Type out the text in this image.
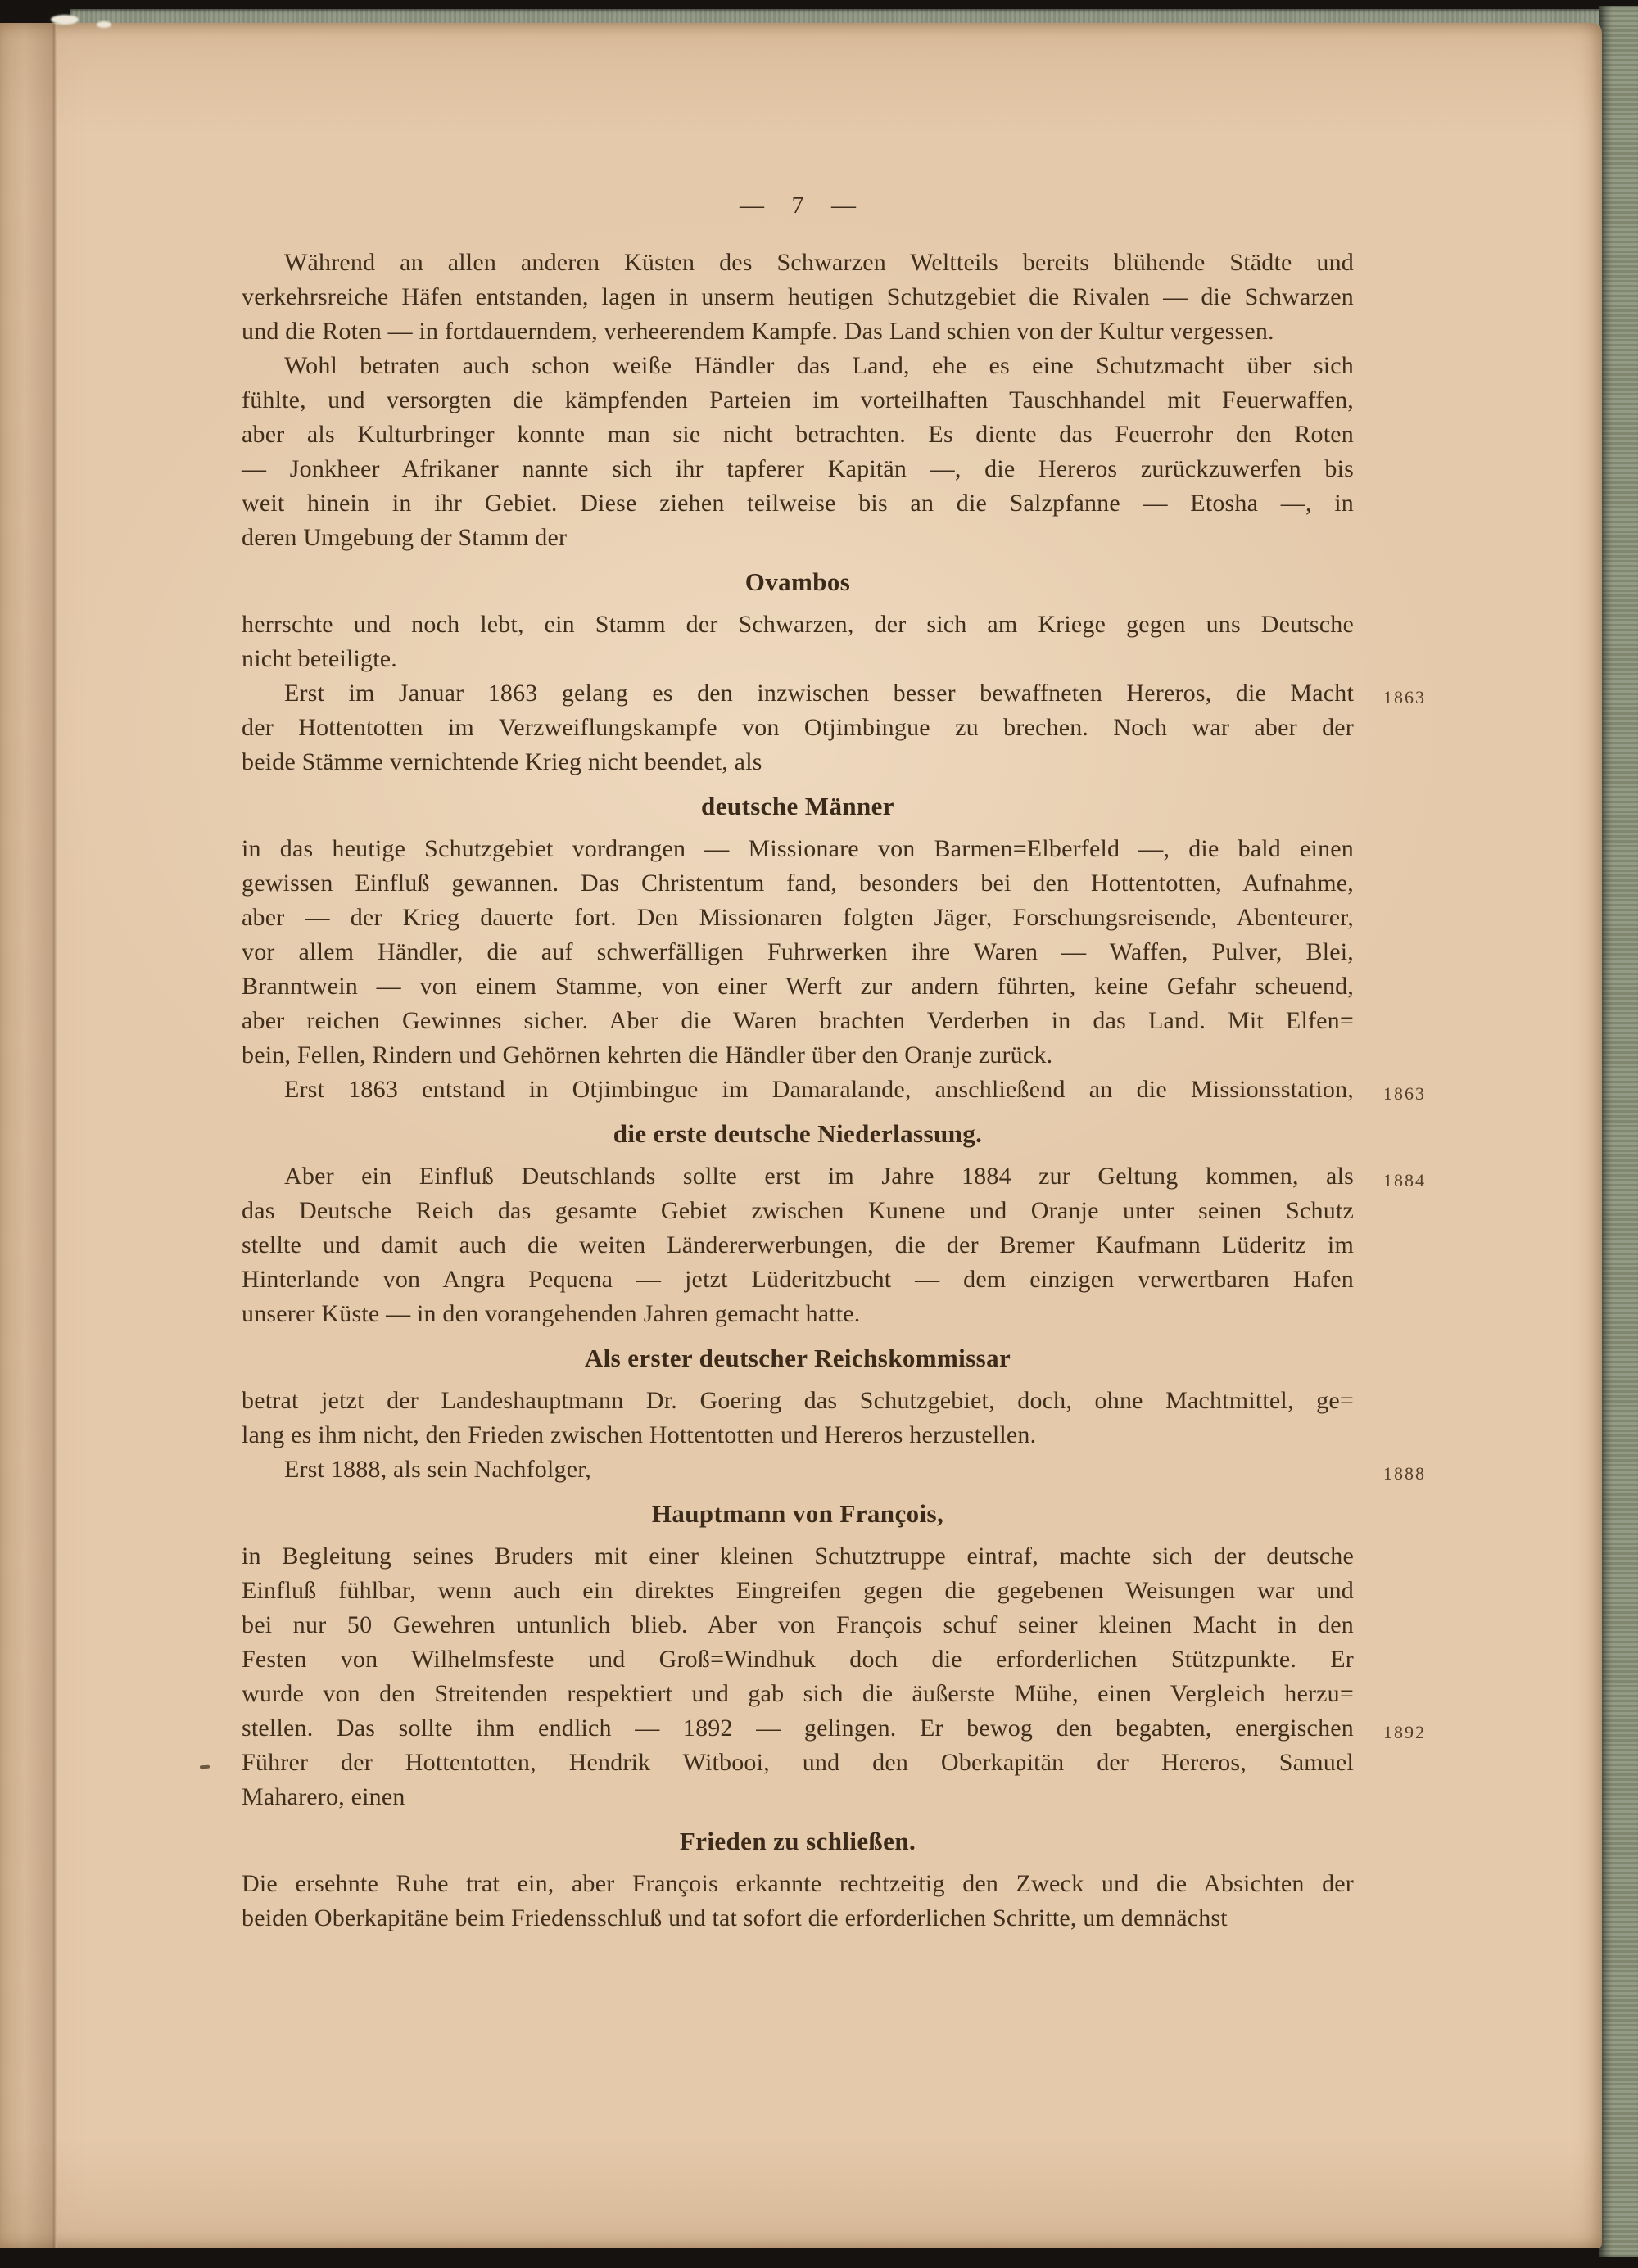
— 7 —
Während an allen anderen Küsten des Schwarzen Weltteils bereits blühende Städte und
verkehrsreiche Häfen entstanden, lagen in unserm heutigen Schutzgebiet die Rivalen — die Schwarzen
und die Roten — in fortdauerndem, verheerendem Kampfe. Das Land schien von der Kultur vergessen.
Wohl betraten auch schon weiße Händler das Land, ehe es eine Schutzmacht über sich
fühlte, und versorgten die kämpfenden Parteien im vorteilhaften Tauschhandel mit Feuerwaffen,
aber als Kulturbringer konnte man sie nicht betrachten. Es diente das Feuerrohr den Roten
— Jonkheer Afrikaner nannte sich ihr tapferer Kapitän —, die Hereros zurückzuwerfen bis
weit hinein in ihr Gebiet. Diese ziehen teilweise bis an die Salzpfanne — Etosha —, in
deren Umgebung der Stamm der
Ovambos
herrschte und noch lebt, ein Stamm der Schwarzen, der sich am Kriege gegen uns Deutsche
nicht beteiligte.
Erst im Januar 1863 gelang es den inzwischen besser bewaffneten Hereros, die Macht 1863
der Hottentotten im Verzweiflungskampfe von Otjimbingue zu brechen. Noch war aber der
beide Stämme vernichtende Krieg nicht beendet, als
deutsche Männer
in das heutige Schutzgebiet vordrangen — Missionare von Barmen=Elberfeld —, die bald einen
gewissen Einfluß gewannen. Das Christentum fand, besonders bei den Hottentotten, Aufnahme,
aber — der Krieg dauerte fort. Den Missionaren folgten Jäger, Forschungsreisende, Abenteurer,
vor allem Händler, die auf schwerfälligen Fuhrwerken ihre Waren — Waffen, Pulver, Blei,
Branntwein — von einem Stamme, von einer Werft zur andern führten, keine Gefahr scheuend,
aber reichen Gewinnes sicher. Aber die Waren brachten Verderben in das Land. Mit Elfen=
bein, Fellen, Rindern und Gehörnen kehrten die Händler über den Oranje zurück.
Erst 1863 entstand in Otjimbingue im Damaralande, anschließend an die Missionsstation, 1863
die erste deutsche Niederlassung.
Aber ein Einfluß Deutschlands sollte erst im Jahre 1884 zur Geltung kommen, als 1884
das Deutsche Reich das gesamte Gebiet zwischen Kunene und Oranje unter seinen Schutz
stellte und damit auch die weiten Ländererwerbungen, die der Bremer Kaufmann Lüderitz im
Hinterlande von Angra Pequena — jetzt Lüderitzbucht — dem einzigen verwertbaren Hafen
unserer Küste — in den vorangehenden Jahren gemacht hatte.
Als erster deutscher Reichskommissar
betrat jetzt der Landeshauptmann Dr. Goering das Schutzgebiet, doch, ohne Machtmittel, ge=
lang es ihm nicht, den Frieden zwischen Hottentotten und Hereros herzustellen.
Erst 1888, als sein Nachfolger,	1888
Hauptmann von François,
in Begleitung seines Bruders mit einer kleinen Schutztruppe eintraf, machte sich der deutsche
Einfluß fühlbar, wenn auch ein direktes Eingreifen gegen die gegebenen Weisungen war und
bei nur 50 Gewehren untunlich blieb. Aber von François schuf seiner kleinen Macht in den
Festen von Wilhelmsfeste und Groß=Windhuk doch die erforderlichen Stützpunkte. Er
wurde von den Streitenden respektiert und gab sich die äußerste Mühe, einen Vergleich herzu=
stellen. Das sollte ihm endlich — 1892 — gelingen. Er bewog den begabten, energischen 1892
Führer der Hottentotten, Hendrik Witbooi, und den Oberkapitän der Hereros, Samuel
Maharero, einen
Frieden zu schließen.
Die ersehnte Ruhe trat ein, aber François erkannte rechtzeitig den Zweck und die Absichten der
beiden Oberkapitäne beim Friedensschluß und tat sofort die erforderlichen Schritte, um demnächst
